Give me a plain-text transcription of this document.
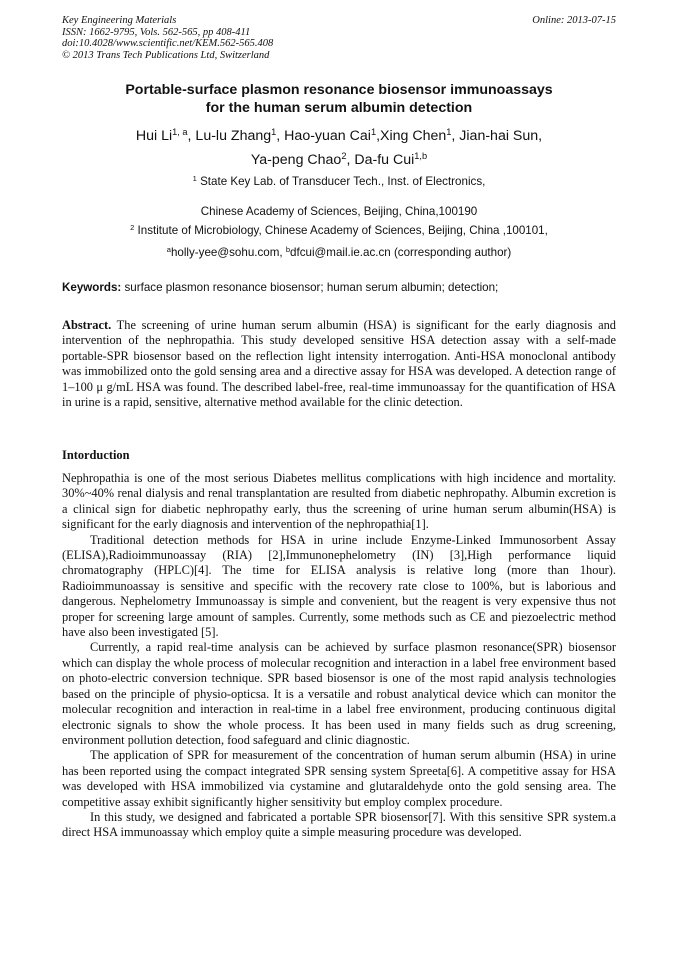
Key Engineering Materials
ISSN: 1662-9795, Vols. 562-565, pp 408-411
doi:10.4028/www.scientific.net/KEM.562-565.408
© 2013 Trans Tech Publications Ltd, Switzerland
Online: 2013-07-15
Portable-surface plasmon resonance biosensor immunoassays
for the human serum albumin detection
Hui Li$^{1, a}$, Lu-lu Zhang$^1$, Hao-yuan Cai$^1$,Xing Chen$^1$, Jian-hai Sun,
Ya-peng Chao$^2$, Da-fu Cui$^{1,b}$
$^1$ State Key Lab. of Transducer Tech., Inst. of Electronics,
Chinese Academy of Sciences, Beijing, China,100190
$^2$ Institute of Microbiology, Chinese Academy of Sciences, Beijing, China ,100101,
$^a$holly-yee@sohu.com, $^b$dfcui@mail.ie.ac.cn (corresponding author)
Keywords: surface plasmon resonance biosensor; human serum albumin; detection;

Abstract. The screening of urine human serum albumin (HSA) is significant for the early diagnosis and intervention of the nephropathia. This study developed sensitive HSA detection assay with a self-made portable-SPR biosensor based on the reflection light intensity interrogation. Anti-HSA monoclonal antibody was immobilized onto the gold sensing area and a directive assay for HSA was developed. A detection range of 1–100 μ g/mL HSA was found. The described label-free, real-time immunoassay for the quantification of HSA in urine is a rapid, sensitive, alternative method available for the clinic detection.

Intorduction

Nephropathia is one of the most serious Diabetes mellitus complications with high incidence and mortality. 30%~40% renal dialysis and renal transplantation are resulted from diabetic nephropathy. Albumin excretion is a clinical sign for diabetic nephropathy early, thus the screening of urine human serum albumin(HSA) is significant for the early diagnosis and intervention of the nephropathia[1].

Traditional detection methods for HSA in urine include Enzyme-Linked Immunosorbent Assay (ELISA),Radioimmunoassay (RIA) [2],Immunonephelometry (IN) [3],High performance liquid chromatography (HPLC)[4]. The time for ELISA analysis is relative long (more than 1hour). Radioimmunoassay is sensitive and specific with the recovery rate close to 100%, but is laborious and dangerous. Nephelometry Immunoassay is simple and convenient, but the reagent is very expensive thus not proper for screening large amount of samples. Currently, some methods such as CE and piezoelectric method have also been investigated [5].

Currently, a rapid real-time analysis can be achieved by surface plasmon resonance(SPR) biosensor which can display the whole process of molecular recognition and interaction in a label free environment based on photo-electric conversion technique. SPR based biosensor is one of the most rapid analysis technologies based on the principle of physio-opticsa. It is a versatile and robust analytical device which can monitor the molecular recognition and interaction in real-time in a label free environment, producing continuous digital electronic signals to show the whole process. It has been used in many fields such as drug screening, environment pollution detection, food safeguard and clinic diagnostic.

The application of SPR for measurement of the concentration of human serum albumin (HSA) in urine has been reported using the compact integrated SPR sensing system Spreeta[6]. A competitive assay for HSA was developed with HSA immobilized via cystamine and glutaraldehyde onto the gold sensing area. The competitive assay exhibit significantly higher sensitivity but employ complex procedure.

In this study, we designed and fabricated a portable SPR biosensor[7]. With this sensitive SPR system.a direct HSA immunoassay which employ quite a simple measuring procedure was developed.
